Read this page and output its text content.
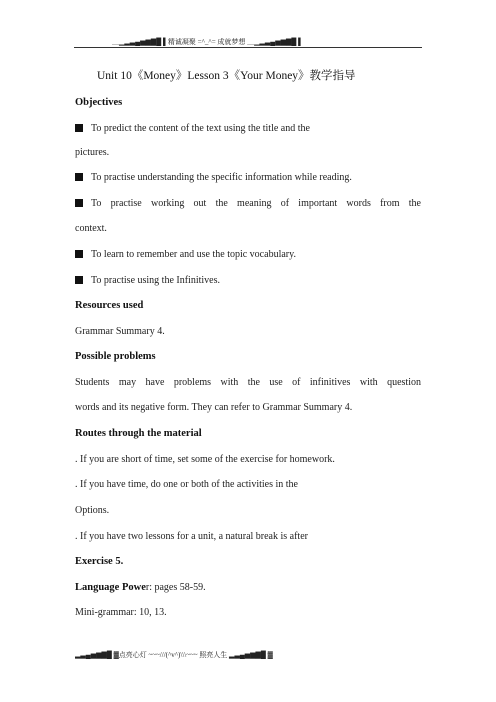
＿▁▂▃▄▅▆▇█ ▌精诚凝聚 =^_^= 成就梦想 ＿▁▂▃▄▅▆▇█ ▌
Unit 10《Money》Lesson 3《Your Money》教学指导
Objectives
To predict the content of the text using the title and the
pictures.
To practise understanding the specific information while reading.
To practise working out the meaning of important words from the
context.
To learn to remember and use the topic vocabulary.
To practise using the Infinitives.
Resources used
Grammar Summary 4.
Possible problems
Students may have problems with the use of infinitives with question
words and its negative form. They can refer to Grammar Summary 4.
Routes through the material
. If you are short of time, set some of the exercise for homework.
. If you have time, do one or both of the activities in the
Options.
. If you have two lessons for a unit, a natural break is after
Exercise 5.
Language Power: pages 58-59.
Mini-grammar: 10, 13.
▂▃▄▅▆▇█ ▓点亮心灯 ~~~///(^v^)\\\~~~ 照亮人生 ▂▃▄▅▆▇█ ▓
